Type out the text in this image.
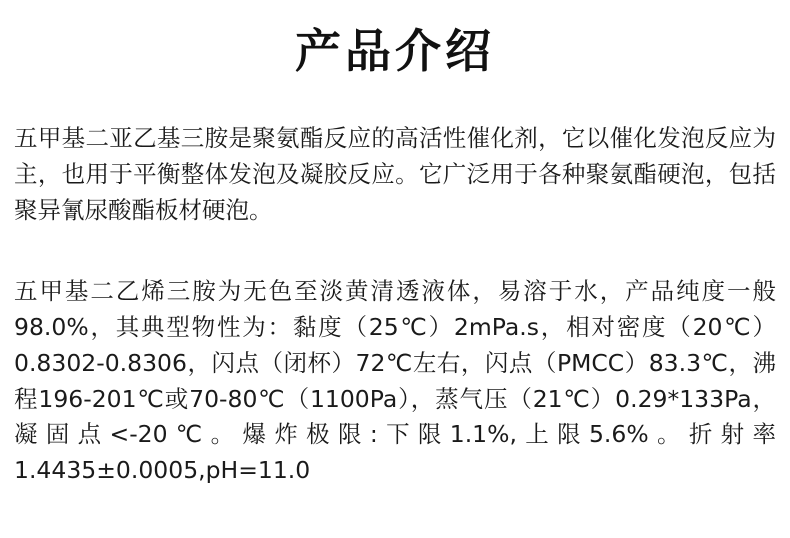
产品介绍

五甲基二亚乙基三胺是聚氨酯反应的高活性催化剂，它以催化发泡反应为主，也用于平衡整体发泡及凝胶反应。它广泛用于各种聚氨酯硬泡，包括聚异氰尿酸酯板材硬泡。

五甲基二乙烯三胺为无色至淡黄清透液体，易溶于水，产品纯度一般98.0%，其典型物性为：黏度（25℃）2mPa.s，相对密度（20℃）0.8302-0.8306，闪点（闭杯）72℃左右，闪点（PMCC）83.3℃，沸程196-201℃或70-80℃（1100Pa），蒸气压（21℃）0.29*133Pa，凝固点<-20℃。爆炸极限:下限1.1%,上限5.6%。折射率1.4435±0.0005,pH=11.0
